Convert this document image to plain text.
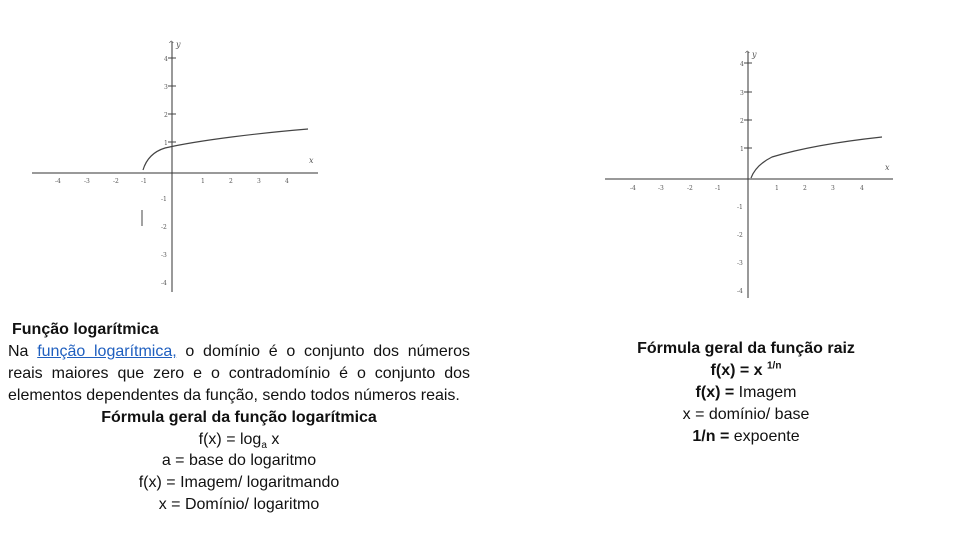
^ y
x
-4	-3	-2	-1	1	2	3	4
4
3
2
1
-1
-2
-3
-4
^ y
x
-4	-3	-2	-1	1	2	3	4
4
3
2
1
-1
-2
-3
-4
Função logarítmica
Na função logarítmica, o domínio é o conjunto dos números reais maiores que zero e o contradomínio é o conjunto dos elementos dependentes da função, sendo todos números reais.
Fórmula geral da função logarítmica
$f(x) = \log_a x$
a = base do logaritmo
f(x) = Imagem/ logaritmando
x = Domínio/ logaritmo
Fórmula geral da função raiz
f(x) = x $^{1/n}$
f(x) = Imagem
x = domínio/ base
1/n = expoente
